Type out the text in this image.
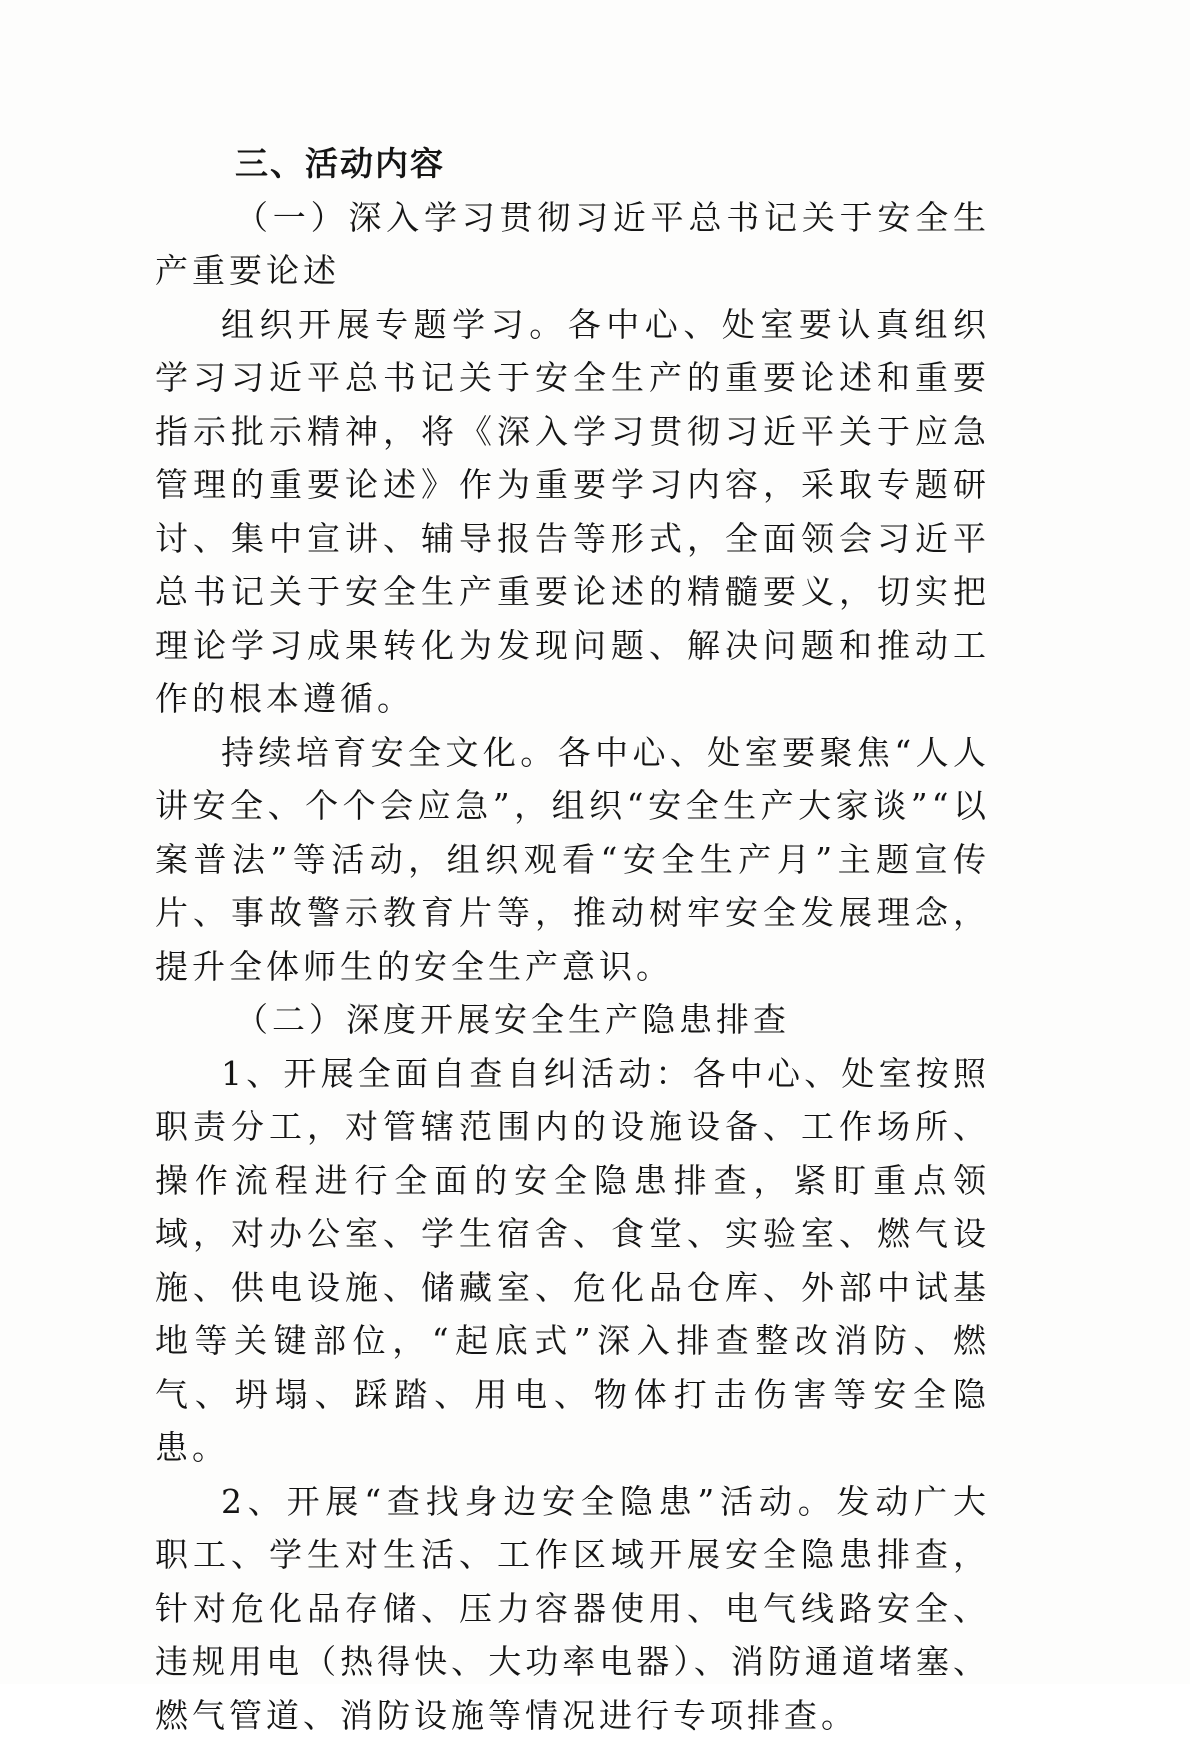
三、活动内容

（一）深入学习贯彻习近平总书记关于安全生产重要论述

组织开展专题学习。各中心、处室要认真组织学习习近平总书记关于安全生产的重要论述和重要指示批示精神，将《深入学习贯彻习近平关于应急管理的重要论述》作为重要学习内容，采取专题研讨、集中宣讲、辅导报告等形式，全面领会习近平总书记关于安全生产重要论述的精髓要义，切实把理论学习成果转化为发现问题、解决问题和推动工作的根本遵循。

持续培育安全文化。各中心、处室要聚焦“人人讲安全、个个会应急”，组织“安全生产大家谈”“以案普法”等活动，组织观看“安全生产月”主题宣传片、事故警示教育片等，推动树牢安全发展理念，提升全体师生的安全生产意识。

（二）深度开展安全生产隐患排查

1、开展全面自查自纠活动：各中心、处室按照职责分工，对管辖范围内的设施设备、工作场所、操作流程进行全面的安全隐患排查，紧盯重点领域，对办公室、学生宿舍、食堂、实验室、燃气设施、供电设施、储藏室、危化品仓库、外部中试基地等关键部位，“起底式”深入排查整改消防、燃气、坍塌、踩踏、用电、物体打击伤害等安全隐患。

2、开展“查找身边安全隐患”活动。发动广大职工、学生对生活、工作区域开展安全隐患排查，针对危化品存储、压力容器使用、电气线路安全、违规用电（热得快、大功率电器）、消防通道堵塞、燃气管道、消防设施等情况进行专项排查。
